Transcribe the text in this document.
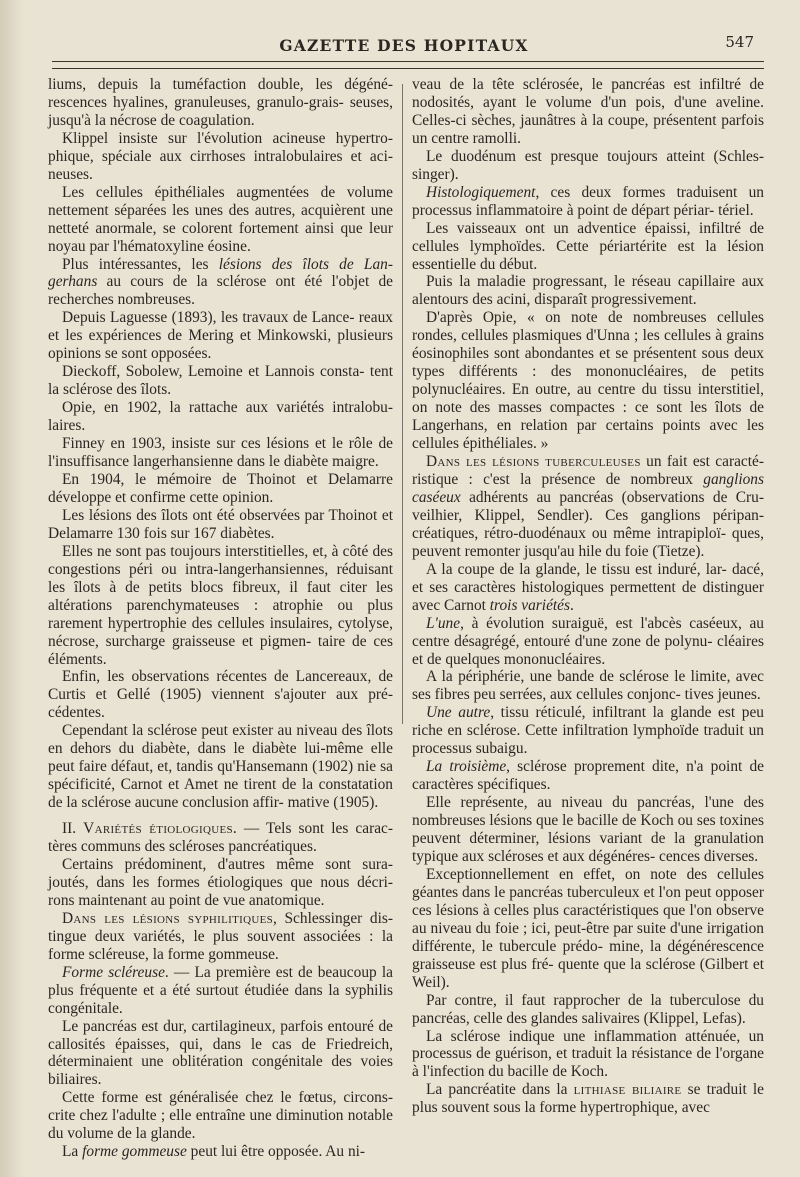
GAZETTE DES HOPITAUX	547

liums, depuis la tuméfaction double, les dégéné- rescences hyalines, granuleuses, granulo-grais- seuses, jusqu'à la nécrose de coagulation.

Klippel insiste sur l'évolution acineuse hypertro- phique, spéciale aux cirrhoses intralobulaires et aci- neuses.

Les cellules épithéliales augmentées de volume nettement séparées les unes des autres, acquièrent une netteté anormale, se colorent fortement ainsi que leur noyau par l'hématoxyline éosine.

Plus intéressantes, les lésions des îlots de Lan- gerhans au cours de la sclérose ont été l'objet de recherches nombreuses.

Depuis Laguesse (1893), les travaux de Lance- reaux et les expériences de Mering et Minkowski, plusieurs opinions se sont opposées.

Dieckoff, Sobolew, Lemoine et Lannois consta- tent la sclérose des îlots.

Opie, en 1902, la rattache aux variétés intralobu- laires.

Finney en 1903, insiste sur ces lésions et le rôle de l'insuffisance langerhansienne dans le diabète maigre.

En 1904, le mémoire de Thoinot et Delamarre développe et confirme cette opinion.

Les lésions des îlots ont été observées par Thoinot et Delamarre 130 fois sur 167 diabètes.

Elles ne sont pas toujours interstitielles, et, à côté des congestions péri ou intra-langerhansiennes, réduisant les îlots à de petits blocs fibreux, il faut citer les altérations parenchymateuses : atrophie ou plus rarement hypertrophie des cellules insulaires, cytolyse, nécrose, surcharge graisseuse et pigmen- taire de ces éléments.

Enfin, les observations récentes de Lancereaux, de Curtis et Gellé (1905) viennent s'ajouter aux pré- cédentes.

Cependant la sclérose peut exister au niveau des îlots en dehors du diabète, dans le diabète lui-même elle peut faire défaut, et, tandis qu'Hansemann (1902) nie sa spécificité, Carnot et Amet ne tirent de la constatation de la sclérose aucune conclusion affir- mative (1905).

II. Variétés étiologiques. — Tels sont les carac- tères communs des scléroses pancréatiques.

Certains prédominent, d'autres même sont sura- joutés, dans les formes étiologiques que nous décri- rons maintenant au point de vue anatomique.

Dans les lésions syphilitiques, Schlessinger dis- tingue deux variétés, le plus souvent associées : la forme scléreuse, la forme gommeuse.

Forme scléreuse. — La première est de beaucoup la plus fréquente et a été surtout étudiée dans la syphilis congénitale.

Le pancréas est dur, cartilagineux, parfois entouré de callosités épaisses, qui, dans le cas de Friedreich, déterminaient une oblitération congénitale des voies biliaires.

Cette forme est généralisée chez le fœtus, circons- crite chez l'adulte ; elle entraîne une diminution notable du volume de la glande.

La forme gommeuse peut lui être opposée. Au ni-

veau de la tête sclérosée, le pancréas est infiltré de nodosités, ayant le volume d'un pois, d'une aveline. Celles-ci sèches, jaunâtres à la coupe, présentent parfois un centre ramolli.

Le duodénum est presque toujours atteint (Schles- singer).

Histologiquement, ces deux formes traduisent un processus inflammatoire à point de départ périar- tériel.

Les vaisseaux ont un adventice épaissi, infiltré de cellules lymphoïdes. Cette périartérite est la lésion essentielle du début.

Puis la maladie progressant, le réseau capillaire aux alentours des acini, disparaît progressivement.

D'après Opie, « on note de nombreuses cellules rondes, cellules plasmiques d'Unna ; les cellules à grains éosinophiles sont abondantes et se présentent sous deux types différents : des mononucléaires, de petits polynucléaires. En outre, au centre du tissu interstitiel, on note des masses compactes : ce sont les îlots de Langerhans, en relation par certains points avec les cellules épithéliales. »

Dans les lésions tuberculeuses un fait est caracté- ristique : c'est la présence de nombreux ganglions caséeux adhérents au pancréas (observations de Cru- veilhier, Klippel, Sendler). Ces ganglions péripan- créatiques, rétro-duodénaux ou même intrapiploï- ques, peuvent remonter jusqu'au hile du foie (Tietze).

A la coupe de la glande, le tissu est induré, lar- dacé, et ses caractères histologiques permettent de distinguer avec Carnot trois variétés.

L'une, à évolution suraiguë, est l'abcès caséeux, au centre désagrégé, entouré d'une zone de polynu- cléaires et de quelques mononucléaires.

A la périphérie, une bande de sclérose le limite, avec ses fibres peu serrées, aux cellules conjonc- tives jeunes.

Une autre, tissu réticulé, infiltrant la glande est peu riche en sclérose. Cette infiltration lymphoïde traduit un processus subaigu.

La troisième, sclérose proprement dite, n'a point de caractères spécifiques.

Elle représente, au niveau du pancréas, l'une des nombreuses lésions que le bacille de Koch ou ses toxines peuvent déterminer, lésions variant de la granulation typique aux scléroses et aux dégénéres- cences diverses.

Exceptionnellement en effet, on note des cellules géantes dans le pancréas tuberculeux et l'on peut opposer ces lésions à celles plus caractéristiques que l'on observe au niveau du foie ; ici, peut-être par suite d'une irrigation différente, le tubercule prédo- mine, la dégénérescence graisseuse est plus fré- quente que la sclérose (Gilbert et Weil).

Par contre, il faut rapprocher de la tuberculose du pancréas, celle des glandes salivaires (Klippel, Lefas).

La sclérose indique une inflammation atténuée, un processus de guérison, et traduit la résistance de l'organe à l'infection du bacille de Koch.

La pancréatite dans la lithiase biliaire se traduit le plus souvent sous la forme hypertrophique, avec
